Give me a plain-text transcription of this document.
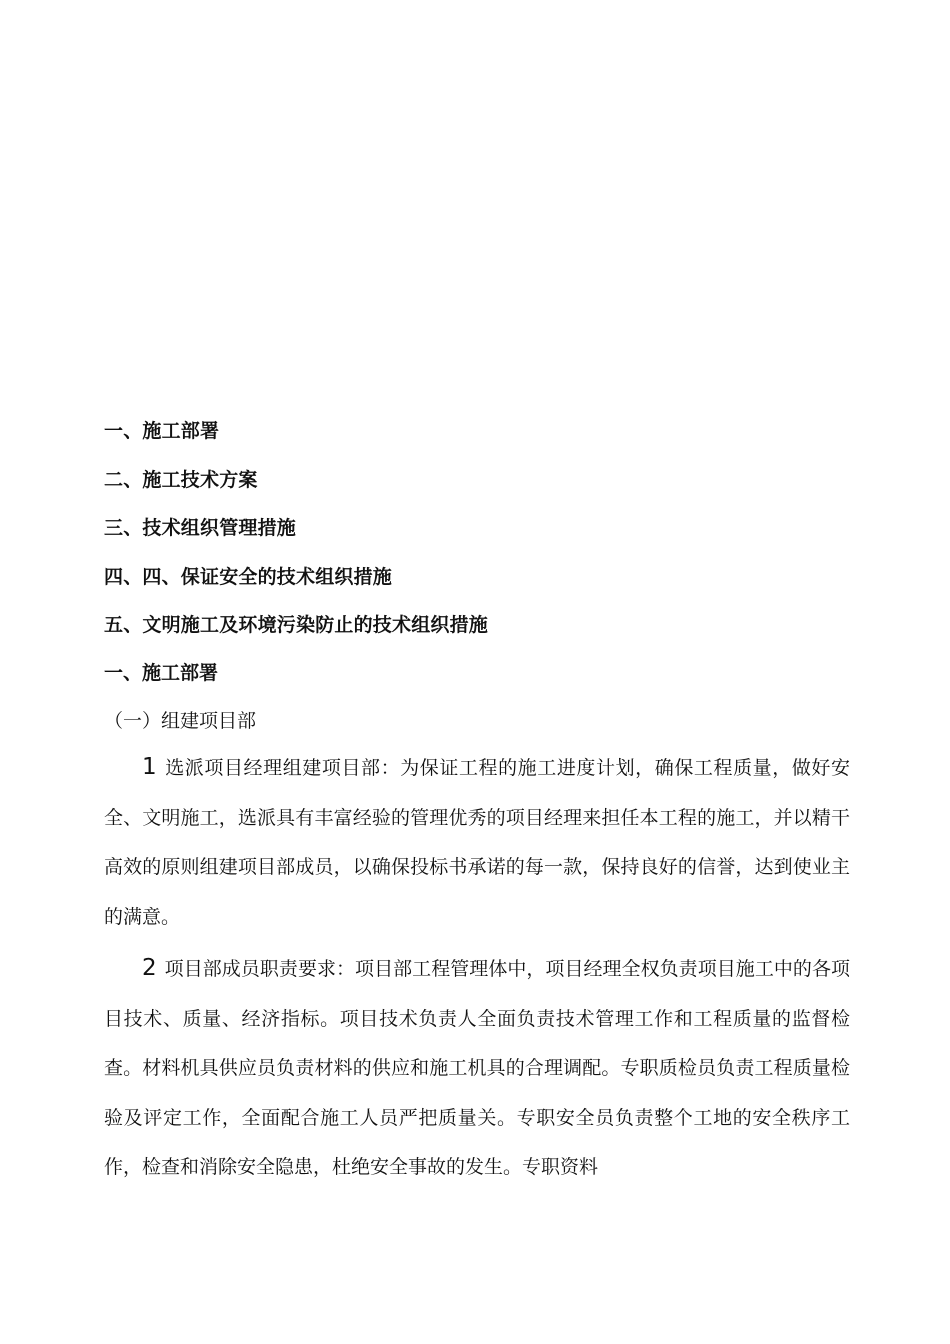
一、施工部署
二、施工技术方案
三、技术组织管理措施
四、四、保证安全的技术组织措施
五、文明施工及环境污染防止的技术组织措施
一、施工部署
（一）组建项目部

1 选派项目经理组建项目部：为保证工程的施工进度计划，确保工程质量，做好安全、文明施工，选派具有丰富经验的管理优秀的项目经理来担任本工程的施工，并以精干高效的原则组建项目部成员，以确保投标书承诺的每一款，保持良好的信誉，达到使业主的满意。

2 项目部成员职责要求：项目部工程管理体中，项目经理全权负责项目施工中的各项目技术、质量、经济指标。项目技术负责人全面负责技术管理工作和工程质量的监督检查。材料机具供应员负责材料的供应和施工机具的合理调配。专职质检员负责工程质量检验及评定工作，全面配合施工人员严把质量关。专职安全员负责整个工地的安全秩序工作，检查和消除安全隐患，杜绝安全事故的发生。专职资料
